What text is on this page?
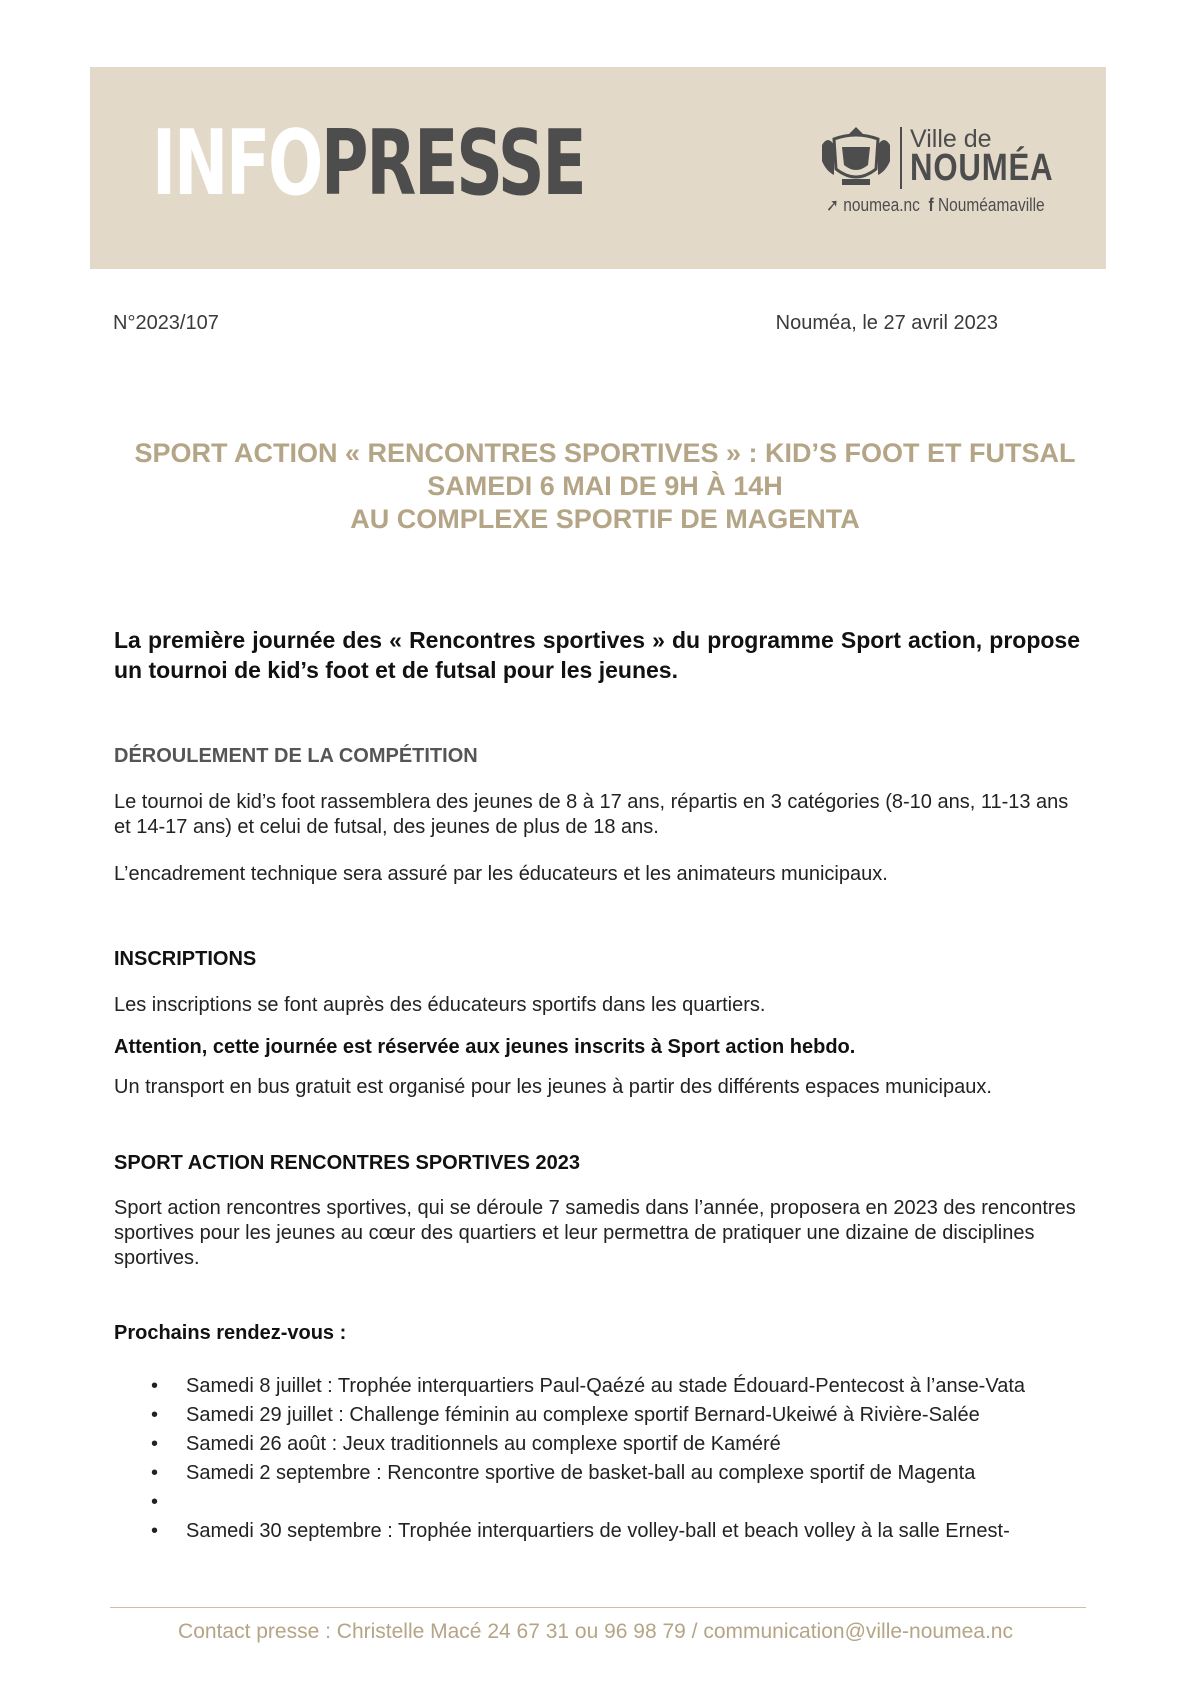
INFOPRESSE	Ville de
NOUMÉA
➚ noumea.nc f Nouméamaville
N°2023/107	Nouméa, le 27 avril 2023
SPORT ACTION « RENCONTRES SPORTIVES » : KID’S FOOT ET FUTSAL
SAMEDI 6 MAI DE 9H À 14H
AU COMPLEXE SPORTIF DE MAGENTA
La première journée des « Rencontres sportives » du programme Sport action, propose un tournoi de kid’s foot et de futsal pour les jeunes.
DÉROULEMENT DE LA COMPÉTITION
Le tournoi de kid’s foot rassemblera des jeunes de 8 à 17 ans, répartis en 3 catégories (8-10 ans, 11-13 ans et 14-17 ans) et celui de futsal, des jeunes de plus de 18 ans.
L’encadrement technique sera assuré par les éducateurs et les animateurs municipaux.
INSCRIPTIONS
Les inscriptions se font auprès des éducateurs sportifs dans les quartiers.
Attention, cette journée est réservée aux jeunes inscrits à Sport action hebdo.
Un transport en bus gratuit est organisé pour les jeunes à partir des différents espaces municipaux.
SPORT ACTION RENCONTRES SPORTIVES 2023
Sport action rencontres sportives, qui se déroule 7 samedis dans l’année, proposera en 2023 des rencontres sportives pour les jeunes au cœur des quartiers et leur permettra de pratiquer une dizaine de disciplines sportives.
Prochains rendez-vous :
• Samedi 8 juillet : Trophée interquartiers Paul-Qaézé au stade Édouard-Pentecost à l’anse-Vata
• Samedi 29 juillet : Challenge féminin au complexe sportif Bernard-Ukeiwé à Rivière-Salée
• Samedi 26 août : Jeux traditionnels au complexe sportif de Kaméré
• Samedi 2 septembre : Rencontre sportive de basket-ball au complexe sportif de Magenta
•
• Samedi 30 septembre : Trophée interquartiers de volley-ball et beach volley à la salle Ernest-
Contact presse : Christelle Macé 24 67 31 ou 96 98 79 / communication@ville-noumea.nc
